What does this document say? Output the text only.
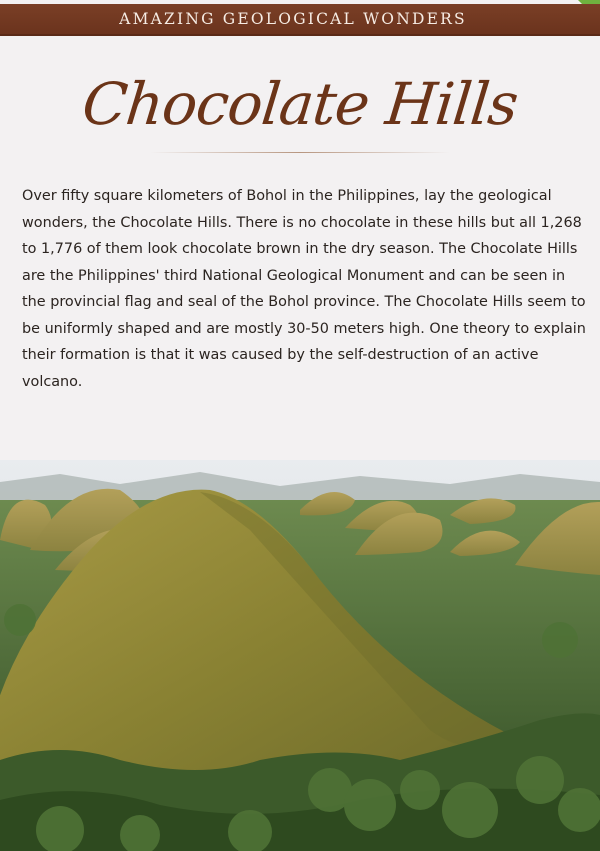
AMAZING GEOLOGICAL WONDERS
Chocolate Hills
Over fifty square kilometers of Bohol in the Philippines, lay the geological wonders, the Chocolate Hills. There is no chocolate in these hills but all 1,268 to 1,776 of them look chocolate brown in the dry season. The Chocolate Hills are the Philippines' third National Geological Monument and can be seen in the provincial flag and seal of the Bohol province. The Chocolate Hills seem to be uniformly shaped and are mostly 30-50 meters high. One theory to explain their formation is that it was caused by the self-destruction of an active volcano.
